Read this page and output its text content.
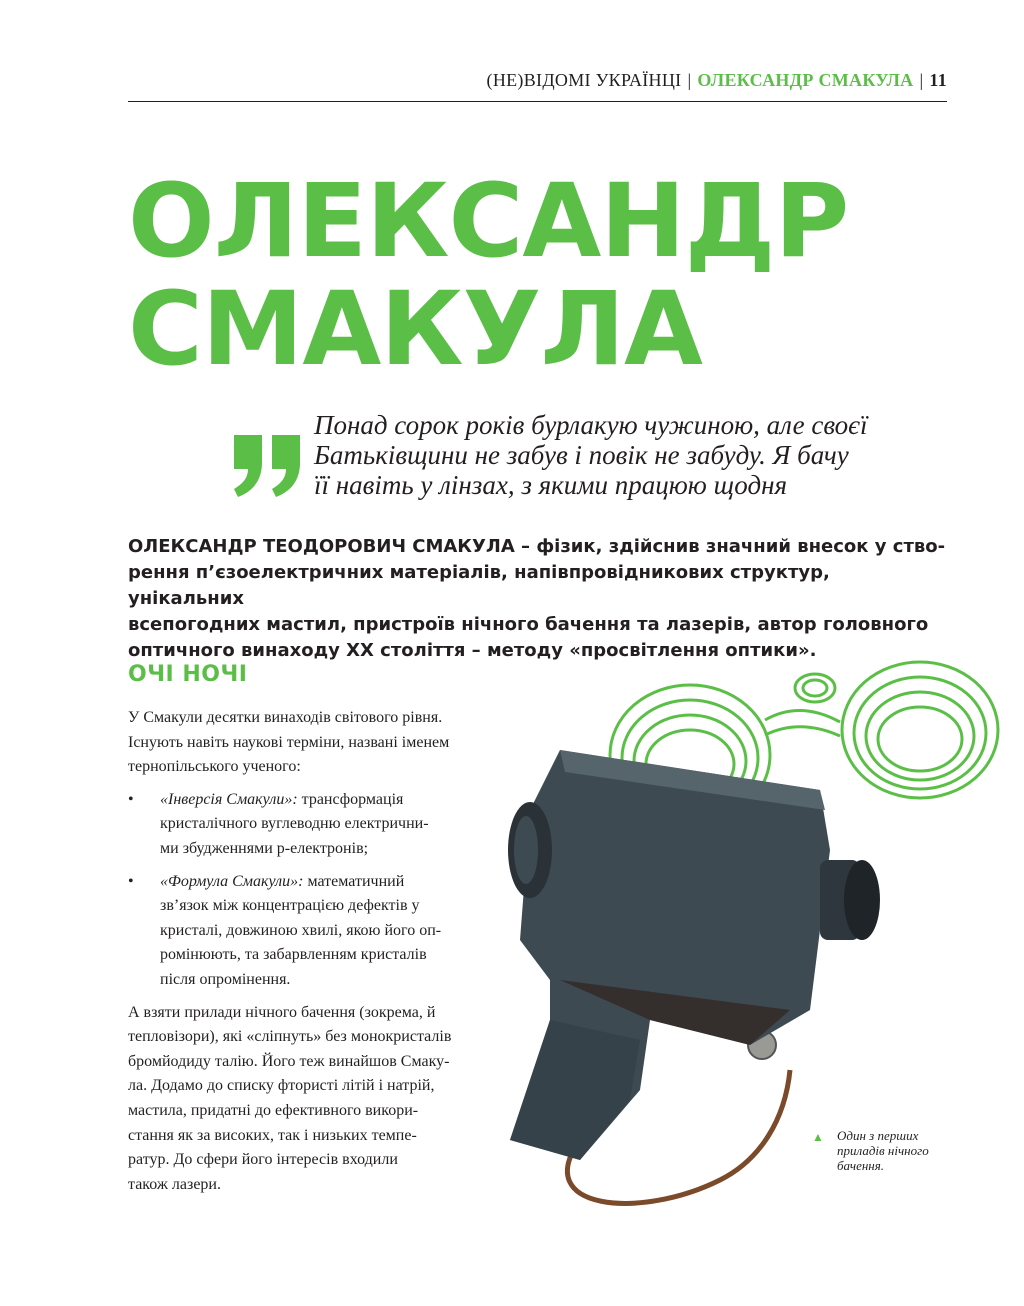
(НЕ)ВІДОМІ УКРАЇНЦІ | ОЛЕКСАНДР СМАКУЛА | 11
ОЛЕКСАНДР
СМАКУЛА
Понад сорок років бурлакую чужиною, але своєї
Батьківщини не забув і повік не забуду. Я бачу
її навіть у лінзах, з якими працюю щодня
ОЛЕКСАНДР ТЕОДОРОВИЧ СМАКУЛА – фізик, здійснив значний внесок у ство-
рення п’єзоелектричних матеріалів, напівпровідникових структур, унікальних
всепогодних мастил, пристроїв нічного бачення та лазерів, автор головного
оптичного винаходу ХХ століття – методу «просвітлення оптики».
ОЧІ НОЧІ

У Смакули десятки винаходів світового рівня.
Існують навіть наукові терміни, названі іменем
тернопільського ученого:

• «Інверсія Смакули»: трансформація
кристалічного вуглеводню електрични-
ми збудженнями р-електронів;
• «Формула Смакули»: математичний
зв’язок між концентрацією дефектів у
кристалі, довжиною хвилі, якою його оп-
ромінюють, та забарвленням кристалів
після опромінення.

А взяти прилади нічного бачення (зокрема, й
тепловізори), які «сліпнуть» без монокристалів
бромйодиду талію. Його теж винайшов Смаку-
ла. Додамо до списку фтористі літій і натрій,
мастила, придатні до ефективного викори-
стання як за високих, так і низьких темпе-
ратур. До сфери його інтересів входили
також лазери.

▲	Один з перших
приладів нічного
бачення.
